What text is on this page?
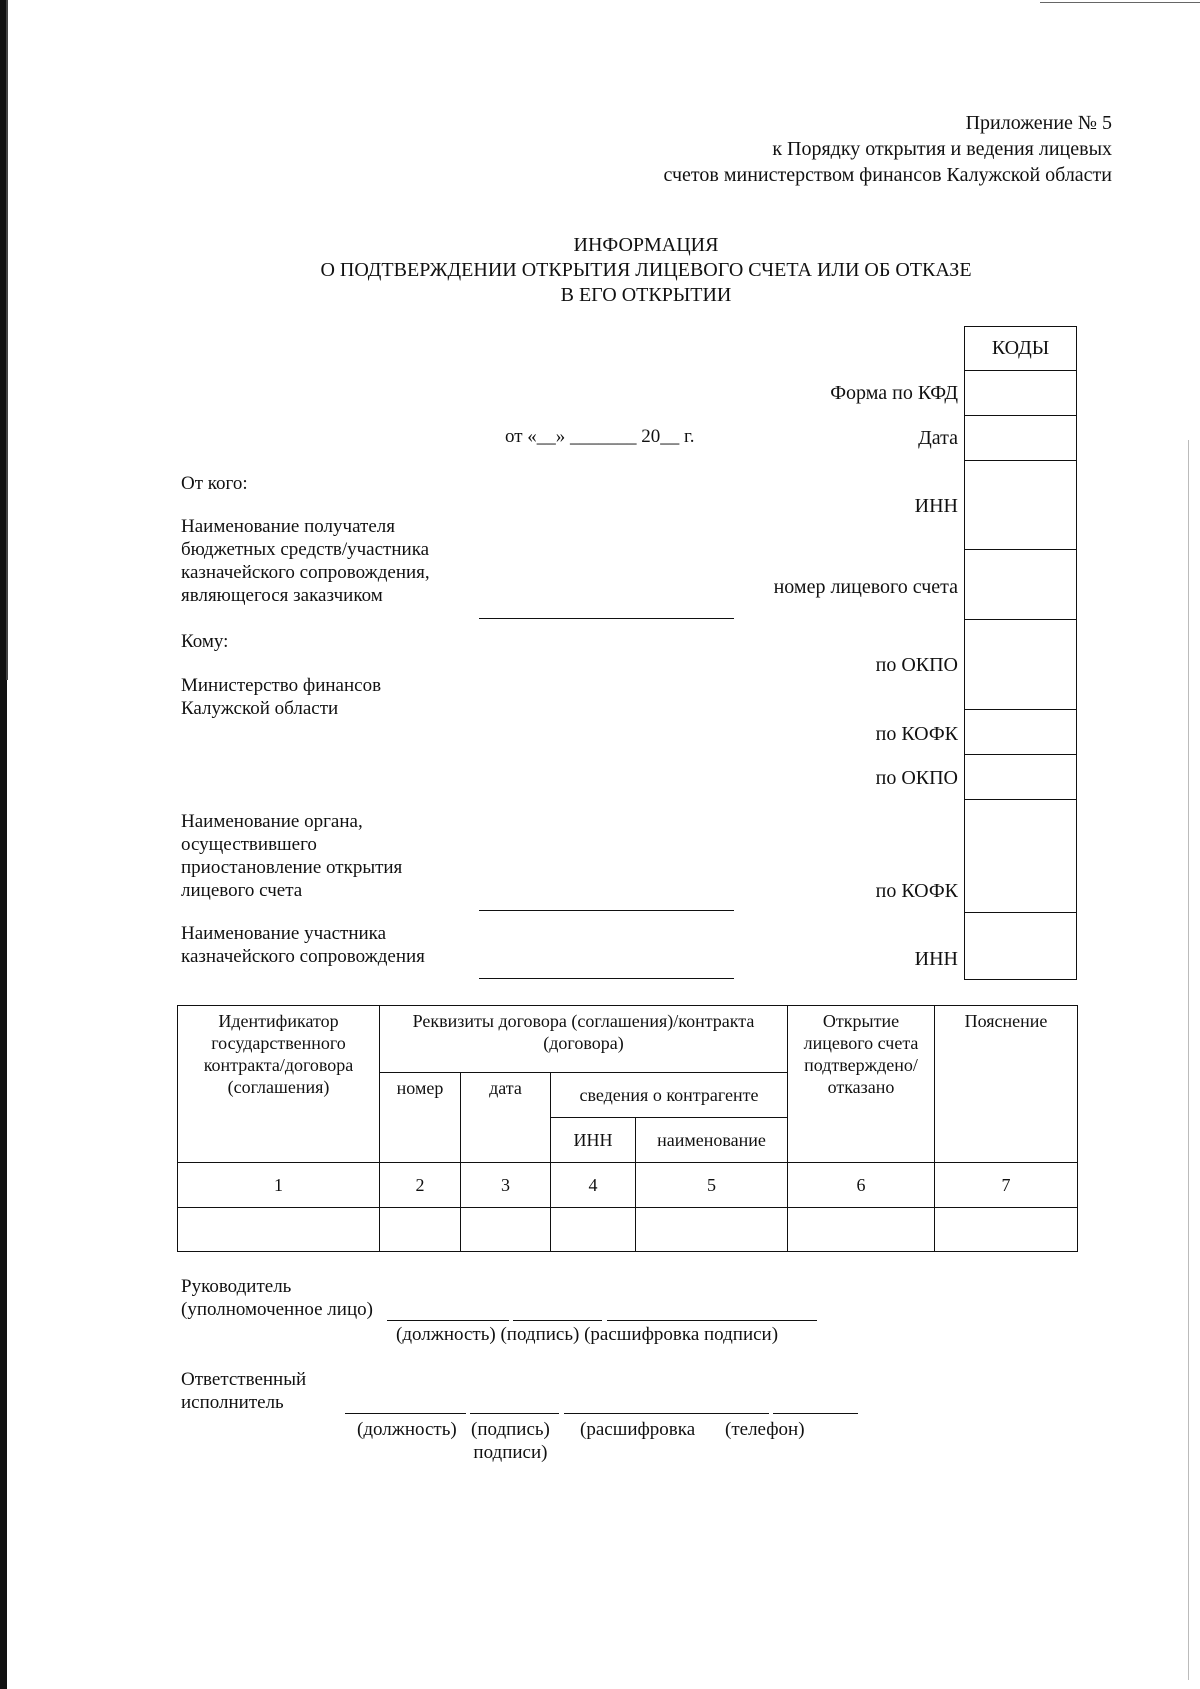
Приложение № 5
к Порядку открытия и ведения лицевых
счетов министерством финансов Калужской области
ИНФОРМАЦИЯ
О ПОДТВЕРЖДЕНИИ ОТКРЫТИЯ ЛИЦЕВОГО СЧЕТА ИЛИ ОБ ОТКАЗЕ
В ЕГО ОТКРЫТИИ
КОДЫ
Форма по КФД
Дата
ИНН
номер лицевого счета
по ОКПО
по КОФК
по ОКПО
по КОФК
ИНН
от «__» _______ 20__ г.
От кого:
Наименование получателя
бюджетных средств/участника
казначейского сопровождения,
являющегося заказчиком
Кому:
Министерство финансов
Калужской области
Наименование органа,
осуществившего
приостановление открытия
лицевого счета
Наименование участника
казначейского сопровождения
Идентификатор государственного контракта/договора (соглашения)	Реквизиты договора (соглашения)/контракта (договора)				Открытие лицевого счета подтверждено/ отказано	Пояснение
	номер	дата	сведения о контрагенте			
			ИНН	наименование		
1	2	3	4	5	6	7

Руководитель
(уполномоченное лицо)
(должность) (подпись) (расшифровка подписи)
Ответственный
исполнитель
(должность) (подпись)
подписи)
(расшифровка (телефон)
